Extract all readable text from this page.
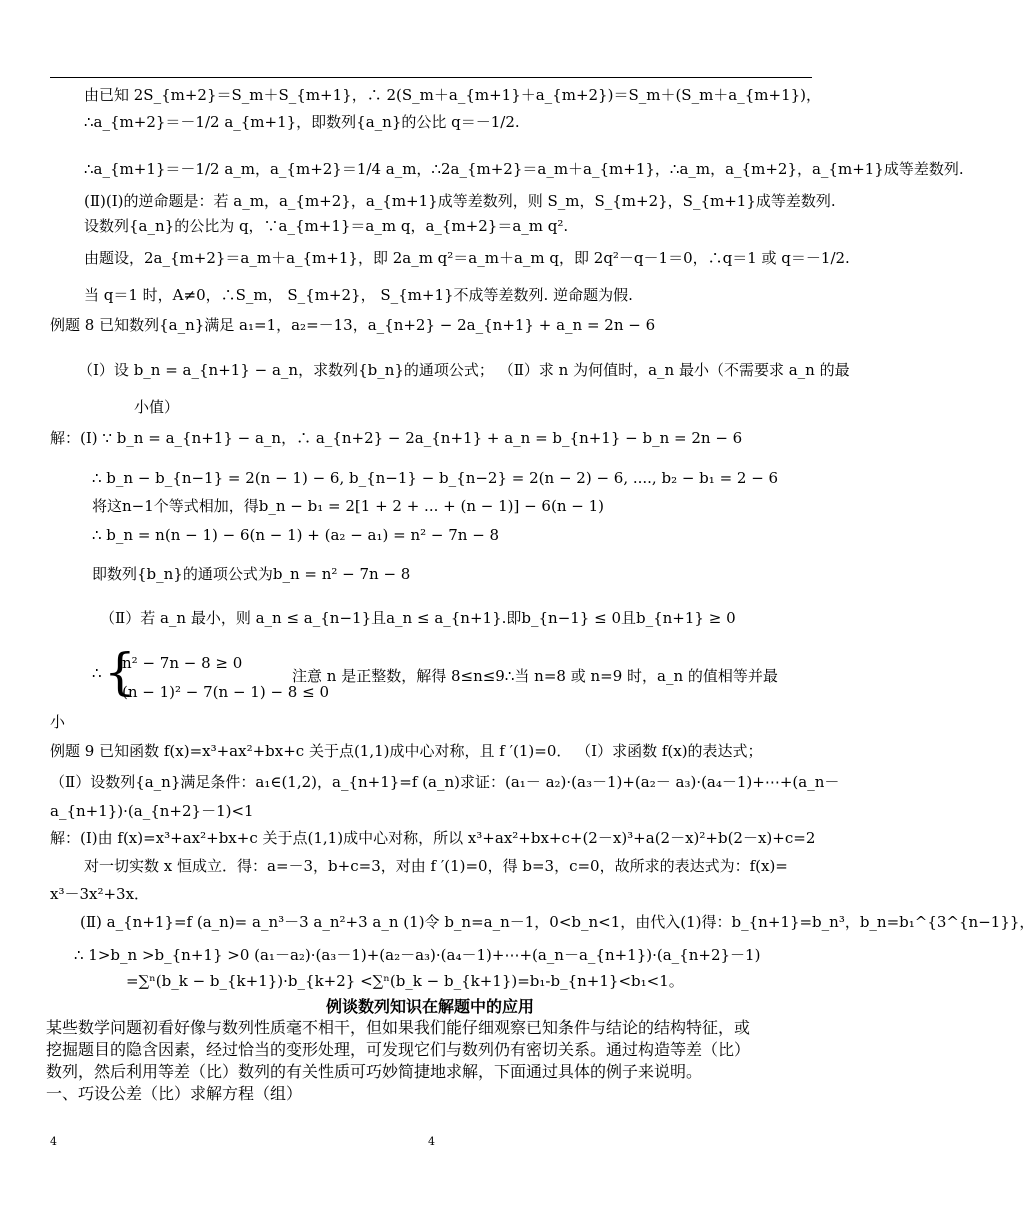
由已知 2S_{m+2}＝S_m＋S_{m+1}，∴ 2(S_m＋a_{m+1}＋a_{m+2})＝S_m＋(S_m＋a_{m+1})，
∴a_{m+2}＝－1/2 a_{m+1}，即数列{a_n}的公比 q＝－1/2.
∴a_{m+1}＝－1/2 a_m，a_{m+2}＝1/4 a_m，∴2a_{m+2}＝a_m＋a_{m+1}，∴a_m，a_{m+2}，a_{m+1}成等差数列.
(Ⅱ)(Ⅰ)的逆命题是：若 a_m，a_{m+2}，a_{m+1}成等差数列，则 S_m，S_{m+2}，S_{m+1}成等差数列.
设数列{a_n}的公比为 q，∵a_{m+1}＝a_m q，a_{m+2}＝a_m q².
由题设，2a_{m+2}＝a_m＋a_{m+1}，即 2a_m q²＝a_m＋a_m q，即 2q²－q－1＝0，∴q＝1 或 q＝－1/2.
当 q＝1 时，A≠0，∴S_m， S_{m+2}， S_{m+1}不成等差数列. 逆命题为假.
例题 8 已知数列{a_n}满足 a₁=1，a₂=－13，a_{n+2} − 2a_{n+1} + a_n = 2n − 6
（Ⅰ）设 b_n = a_{n+1} − a_n，求数列{b_n}的通项公式； （Ⅱ）求 n 为何值时，a_n 最小（不需要求 a_n 的最
小值）
解：(Ⅰ) ∵ b_n = a_{n+1} − a_n，∴ a_{n+2} − 2a_{n+1} + a_n = b_{n+1} − b_n = 2n − 6
∴ b_n − b_{n−1} = 2(n − 1) − 6, b_{n−1} − b_{n−2} = 2(n − 2) − 6, ...., b₂ − b₁ = 2 − 6
将这n−1个等式相加，得b_n − b₁ = 2[1 + 2 + ... + (n − 1)] − 6(n − 1)
∴ b_n = n(n − 1) − 6(n − 1) + (a₂ − a₁) = n² − 7n − 8
即数列{b_n}的通项公式为b_n = n² − 7n − 8
（Ⅱ）若 a_n 最小，则 a_n ≤ a_{n−1}且a_n ≤ a_{n+1}.即b_{n−1} ≤ 0且b_{n+1} ≥ 0
∴ {
n² − 7n − 8 ≥ 0
(n − 1)² − 7(n − 1) − 8 ≤ 0
注意 n 是正整数，解得 8≤n≤9∴当 n=8 或 n=9 时，a_n 的值相等并最
小
例题 9 已知函数 f(x)=x³+ax²+bx+c 关于点(1,1)成中心对称，且 f ′(1)=0． （Ⅰ）求函数 f(x)的表达式；
（Ⅱ）设数列{a_n}满足条件：a₁∈(1,2)，a_{n+1}=f (a_n)求证：(a₁－ a₂)·(a₃－1)+(a₂－ a₃)·(a₄－1)+⋯+(a_n－
a_{n+1})·(a_{n+2}－1)<1
解：(Ⅰ)由 f(x)=x³+ax²+bx+c 关于点(1,1)成中心对称，所以 x³+ax²+bx+c+(2－x)³+a(2－x)²+b(2－x)+c=2
对一切实数 x 恒成立．得：a=－3，b+c=3，对由 f ′(1)=0，得 b=3，c=0，故所求的表达式为：f(x)=
x³－3x²+3x．
(Ⅱ) a_{n+1}=f (a_n)= a_n³－3 a_n²+3 a_n (1)令 b_n=a_n－1，0<b_n<1，由代入(1)得：b_{n+1}=b_n³，b_n=b₁^{3^{n−1}}，
∴ 1>b_n >b_{n+1} >0 (a₁－a₂)·(a₃－1)+(a₂－a₃)·(a₄－1)+⋯+(a_n－a_{n+1})·(a_{n+2}－1)
=∑ⁿ(b_k − b_{k+1})·b_{k+2} <∑ⁿ(b_k − b_{k+1})=b₁-b_{n+1}<b₁<1。
例谈数列知识在解题中的应用
某些数学问题初看好像与数列性质毫不相干，但如果我们能仔细观察已知条件与结论的结构特征，或
挖掘题目的隐含因素，经过恰当的变形处理，可发现它们与数列仍有密切关系。通过构造等差（比）
数列，然后利用等差（比）数列的有关性质可巧妙简捷地求解，下面通过具体的例子来说明。
一、巧设公差（比）求解方程（组）
4	4
